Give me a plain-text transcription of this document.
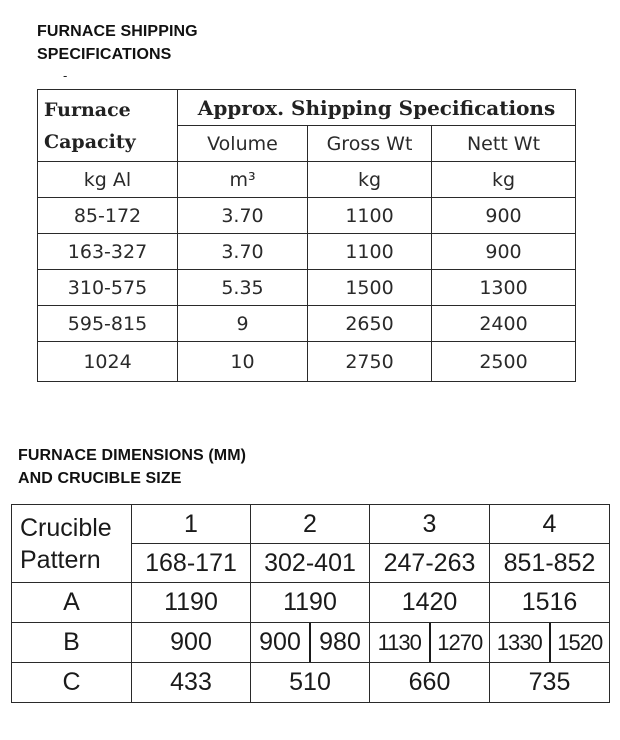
FURNACE SHIPPING
SPECIFICATIONS
-
Furnace
Capacity	Approx. Shipping Specifications		
	Volume	Gross Wt	Nett Wt
kg Al	m³	kg	kg
85-172	3.70	1100	900
163-327	3.70	1100	900
310-575	5.35	1500	1300
595-815	9	2650	2400
1024	10	2750	2500
FURNACE DIMENSIONS (MM)
AND CRUCIBLE SIZE
Crucible
Pattern	1	2	3	4
	168-171	302-401	247-263	851-852
A	1190	1190	1420	1516
B	900	900 980	1130 1270	1330 1520

C	433	510	660	735
